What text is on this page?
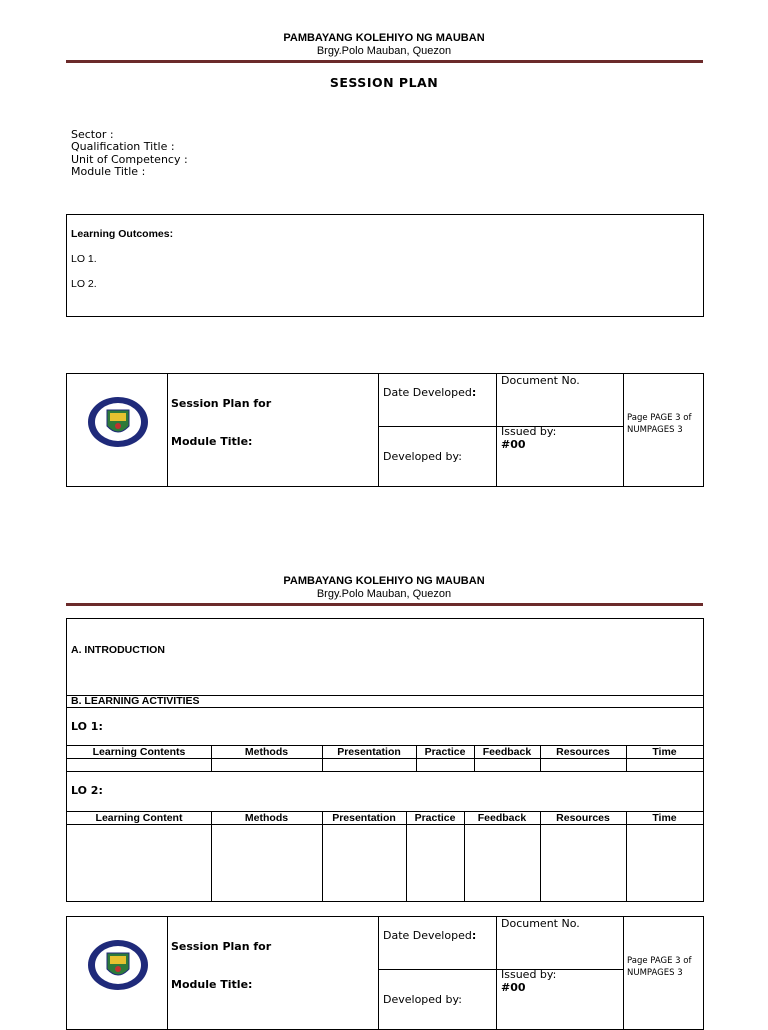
PAMBAYANG KOLEHIYO NG MAUBAN
Brgy.Polo Mauban, Quezon
SESSION PLAN
Sector :
Qualification Title :
Unit of Competency :
Module Title :
Learning Outcomes:
LO 1.
LO 2.
Session Plan for
Module Title:
Date Developed:
Developed by:
Document No.
Issued by:
#00
Page PAGE 3 of
NUMPAGES 3
PAMBAYANG KOLEHIYO NG MAUBAN
Brgy.Polo Mauban, Quezon
A. INTRODUCTION
B. LEARNING ACTIVITIES
LO 1:
Learning Contents	Methods	Presentation	Practice	Feedback	Resources	Time
LO 2:
Learning Content	Methods	Presentation	Practice	Feedback	Resources	Time
Session Plan for
Module Title:
Date Developed:
Developed by:
Document No.
Issued by:
#00
Page PAGE 3 of
NUMPAGES 3
